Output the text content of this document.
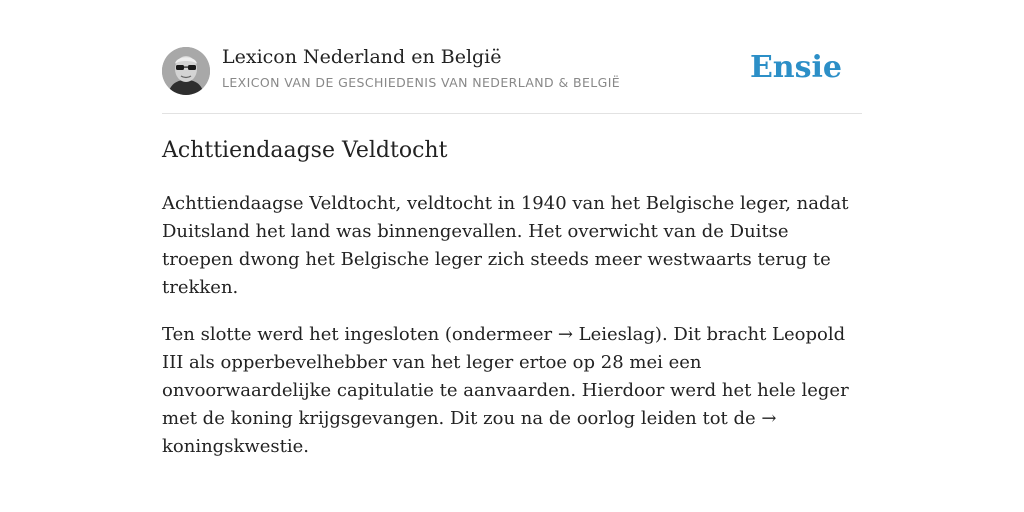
Lexicon Nederland en België
LEXICON VAN DE GESCHIEDENIS VAN NEDERLAND & BELGIË	Ensie
Achttiendaagse Veldtocht

Achttiendaagse Veldtocht, veldtocht in 1940 van het Belgische leger, nadat Duitsland het land was binnengevallen. Het overwicht van de Duitse troepen dwong het Belgische leger zich steeds meer westwaarts terug te trekken.

Ten slotte werd het ingesloten (ondermeer → Leieslag). Dit bracht Leopold III als opperbevelhebber van het leger ertoe op 28 mei een onvoorwaardelijke capitulatie te aanvaarden. Hierdoor werd het hele leger met de koning krijgsgevangen. Dit zou na de oorlog leiden tot de → koningskwestie.
